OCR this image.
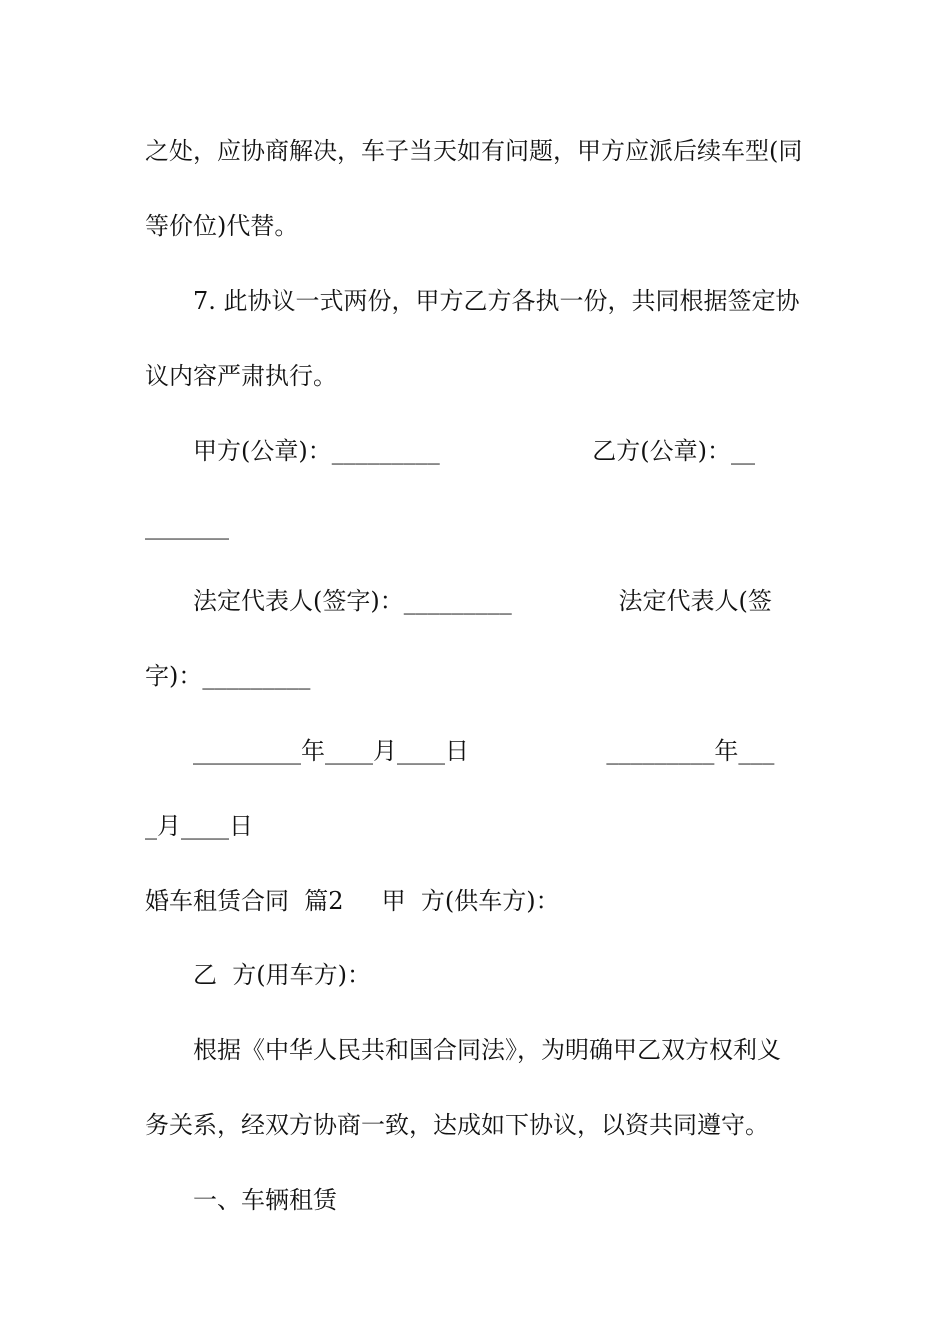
之处，应协商解决，车子当天如有问题，甲方应派后续车型(同
等价位)代替。
7. 此协议一式两份，甲方乙方各执一份，共同根据签定协
议内容严肃执行。
甲方(公章)：_________                    乙方(公章)：__
_______
法定代表人(签字)：_________              法定代表人(签
字)：_________
_________年____月____日                  _________年___
_月____日
婚车租赁合同  篇2     甲  方(供车方)：
乙  方(用车方)：
根据《中华人民共和国合同法》，为明确甲乙双方权利义
务关系，经双方协商一致，达成如下协议，以资共同遵守。
一、车辆租赁
